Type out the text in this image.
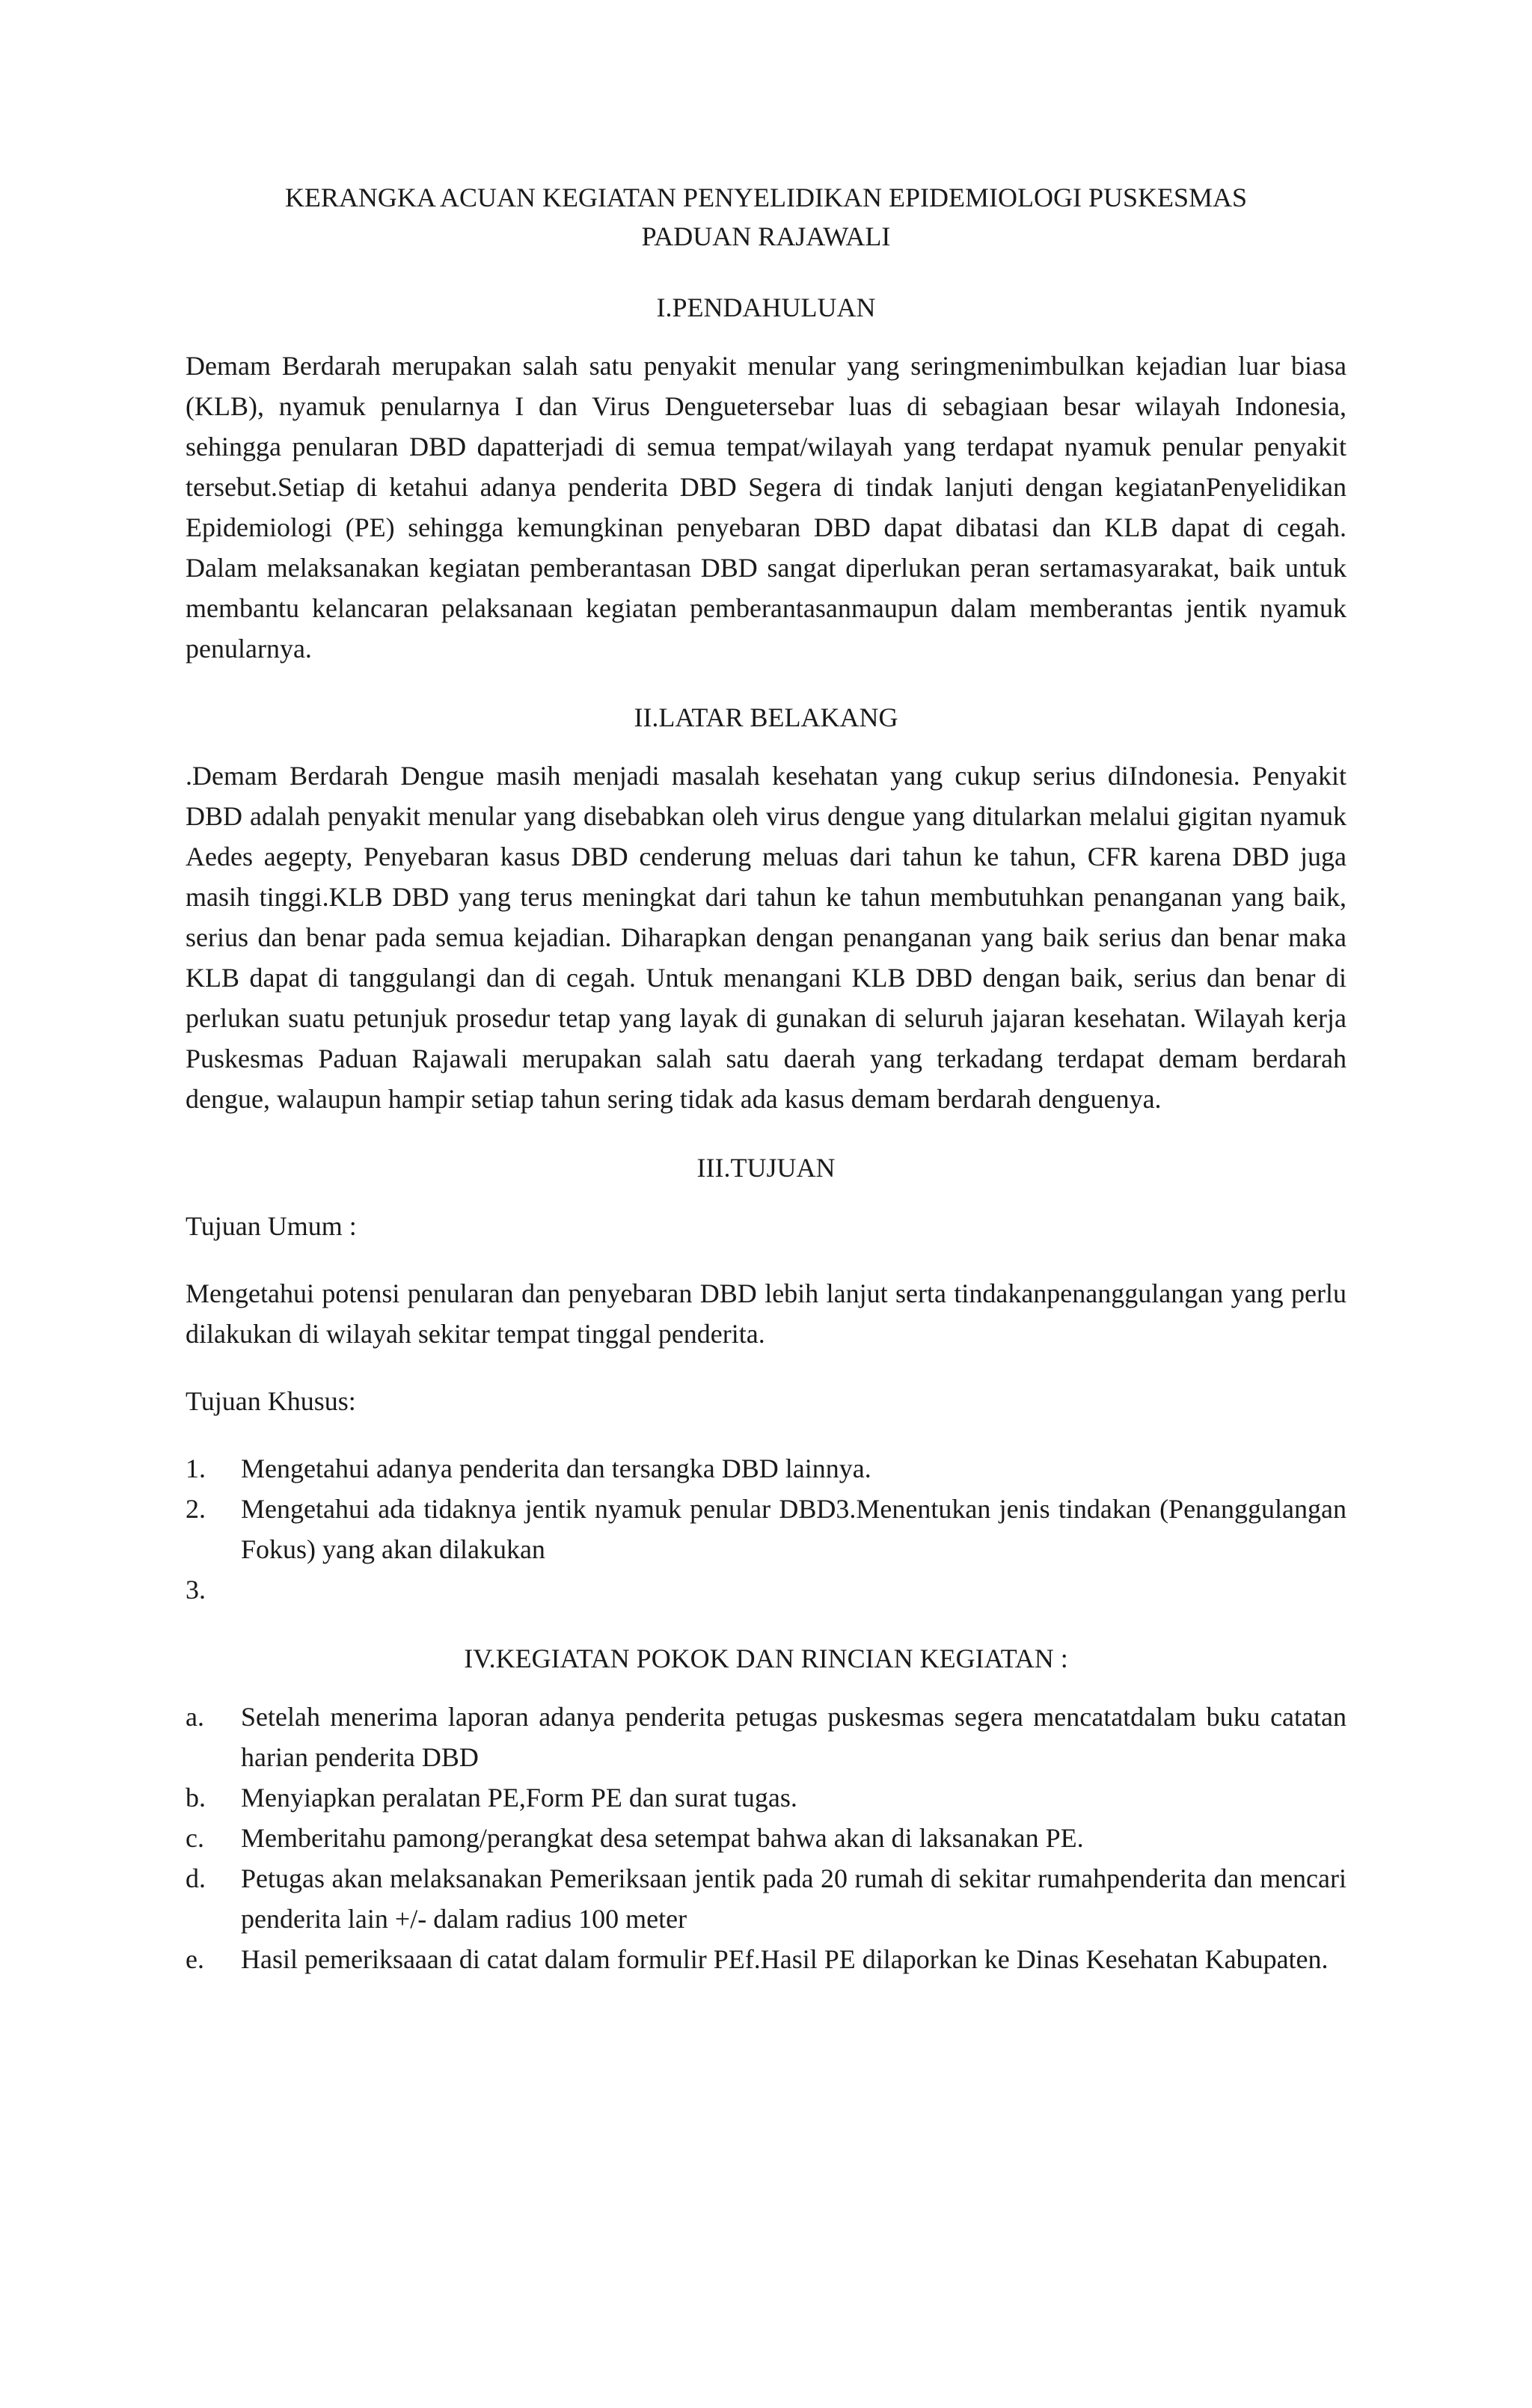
KERANGKA ACUAN KEGIATAN PENYELIDIKAN EPIDEMIOLOGI PUSKESMAS
PADUAN RAJAWALI
I.PENDAHULUAN

Demam Berdarah merupakan salah satu penyakit menular yang seringmenimbulkan kejadian luar biasa (KLB), nyamuk penularnya I dan Virus Denguetersebar luas di sebagiaan besar wilayah Indonesia, sehingga penularan DBD dapatterjadi di semua tempat/wilayah yang terdapat nyamuk penular penyakit tersebut.Setiap di ketahui adanya penderita DBD Segera di tindak lanjuti dengan kegiatanPenyelidikan Epidemiologi (PE) sehingga kemungkinan penyebaran DBD dapat dibatasi dan KLB dapat di cegah. Dalam melaksanakan kegiatan pemberantasan DBD sangat diperlukan peran sertamasyarakat, baik untuk membantu kelancaran pelaksanaan kegiatan pemberantasanmaupun dalam memberantas jentik nyamuk penularnya.

II.LATAR BELAKANG

.Demam Berdarah Dengue masih menjadi masalah kesehatan yang cukup serius diIndonesia. Penyakit DBD adalah penyakit menular yang disebabkan oleh virus dengue yang ditularkan melalui gigitan nyamuk Aedes aegepty, Penyebaran kasus DBD cenderung meluas dari tahun ke tahun, CFR karena DBD juga masih tinggi.KLB DBD yang terus meningkat dari tahun ke tahun membutuhkan penanganan yang baik, serius dan benar pada semua kejadian. Diharapkan dengan penanganan yang baik serius dan benar maka KLB dapat di tanggulangi dan di cegah. Untuk menangani KLB DBD dengan baik, serius dan benar di perlukan suatu petunjuk prosedur tetap yang layak di gunakan di seluruh jajaran kesehatan. Wilayah kerja Puskesmas Paduan Rajawali merupakan salah satu daerah yang terkadang terdapat demam berdarah dengue, walaupun hampir setiap tahun sering tidak ada kasus demam berdarah denguenya.

III.TUJUAN

Tujuan Umum :

Mengetahui potensi penularan dan penyebaran DBD lebih lanjut serta tindakanpenanggulangan yang perlu dilakukan di wilayah sekitar tempat tinggal penderita.

Tujuan Khusus:

1.	Mengetahui adanya penderita dan tersangka DBD lainnya.
2.	Mengetahui ada tidaknya jentik nyamuk penular DBD3.Menentukan jenis tindakan (Penanggulangan Fokus) yang akan dilakukan
3.
IV.KEGIATAN POKOK DAN RINCIAN KEGIATAN :
a.	Setelah menerima laporan adanya penderita petugas puskesmas segera mencatatdalam buku catatan harian penderita DBD
b.	Menyiapkan peralatan PE,Form PE dan surat tugas.
c.	Memberitahu pamong/perangkat desa setempat bahwa akan di laksanakan PE.
d.	Petugas akan melaksanakan Pemeriksaan jentik pada 20 rumah di sekitar rumahpenderita dan mencari penderita lain +/- dalam radius 100 meter
e.	Hasil pemeriksaaan di catat dalam formulir PEf.Hasil PE dilaporkan ke Dinas Kesehatan Kabupaten.
